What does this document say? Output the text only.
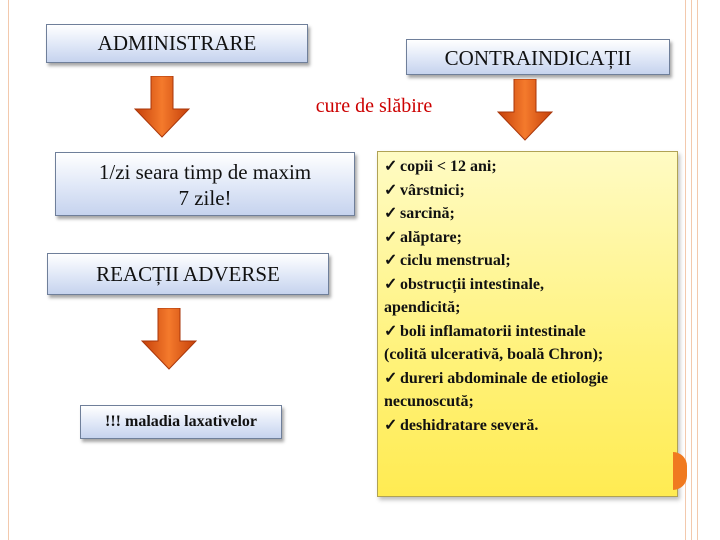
ADMINISTRARE
CONTRAINDICAȚII
cure de slăbire
1/zi seara timp de maxim
7 zile!
REACȚII ADVERSE
!!! maladia laxativelor
✓ copii < 12 ani;
✓ vârstnici;
✓ sarcină;
✓ alăptare;
✓ ciclu menstrual;
✓ obstrucții intestinale,
apendicită;
✓ boli inflamatorii intestinale
(colită ulcerativă, boală Chron);
✓ dureri abdominale de etiologie
necunoscută;
✓ deshidratare severă.
